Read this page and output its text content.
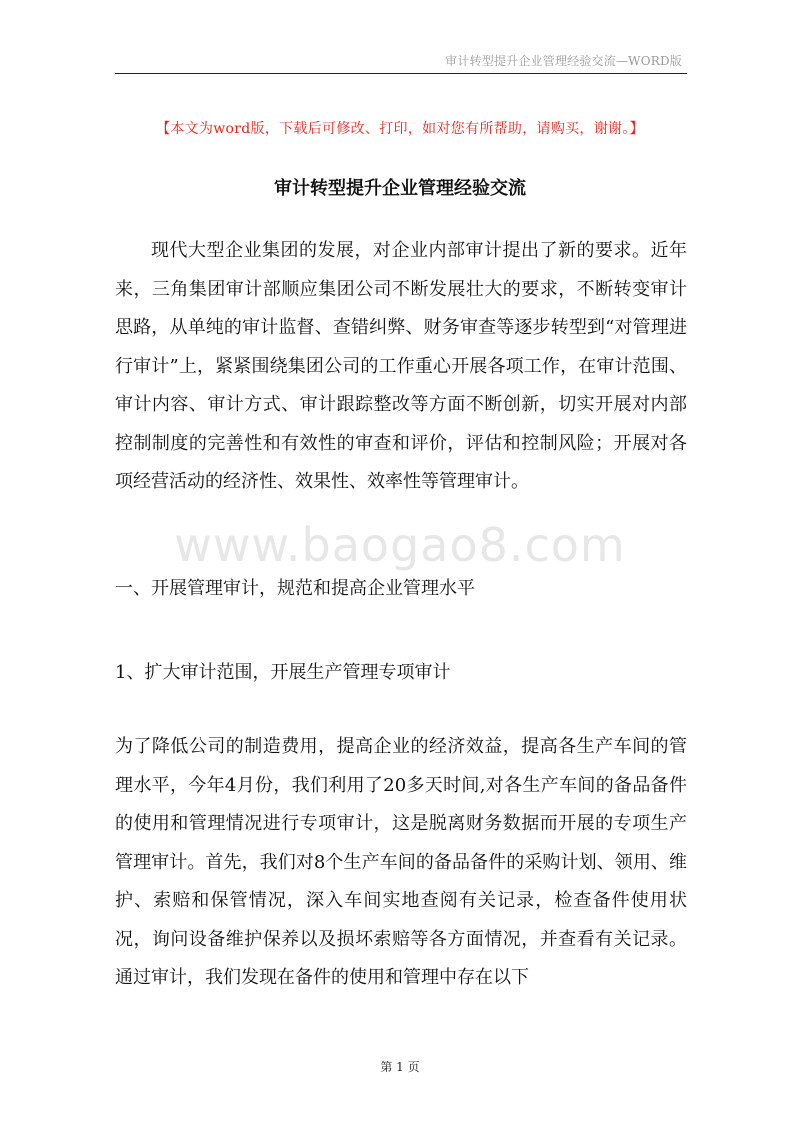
审计转型提升企业管理经验交流—WORD版
【本文为word版，下载后可修改、打印，如对您有所帮助，请购买，谢谢。】
审计转型提升企业管理经验交流

现代大型企业集团的发展，对企业内部审计提出了新的要求。近年来，三角集团审计部顺应集团公司不断发展壮大的要求，不断转变审计思路，从单纯的审计监督、查错纠弊、财务审查等逐步转型到“对管理进行审计”上，紧紧围绕集团公司的工作重心开展各项工作，在审计范围、审计内容、审计方式、审计跟踪整改等方面不断创新，切实开展对内部控制制度的完善性和有效性的审查和评价，评估和控制风险；开展对各项经营活动的经济性、效果性、效率性等管理审计。

www.baogao8.com

一、开展管理审计，规范和提高企业管理水平

1、扩大审计范围，开展生产管理专项审计

为了降低公司的制造费用，提高企业的经济效益，提高各生产车间的管理水平，今年4月份，我们利用了20多天时间,对各生产车间的备品备件的使用和管理情况进行专项审计，这是脱离财务数据而开展的专项生产管理审计。首先，我们对8个生产车间的备品备件的采购计划、领用、维护、索赔和保管情况，深入车间实地查阅有关记录，检查备件使用状况，询问设备维护保养以及损坏索赔等各方面情况，并查看有关记录。通过审计，我们发现在备件的使用和管理中存在以下

第 1 页
